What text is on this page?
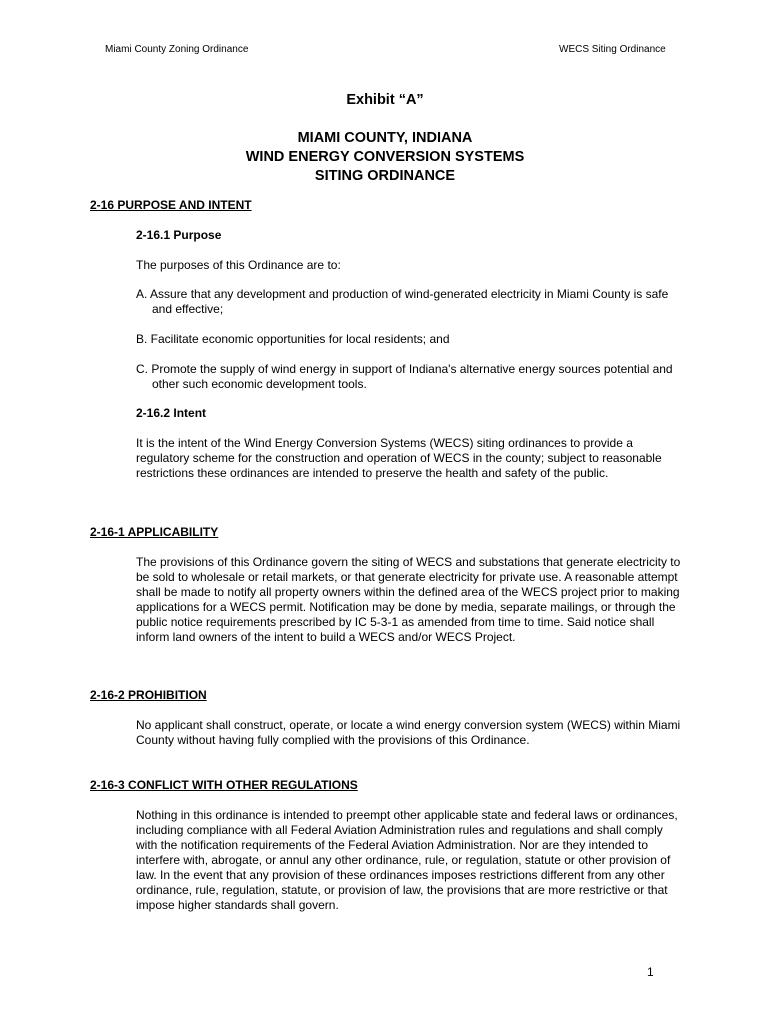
Miami County Zoning Ordinance	WECS Siting Ordinance
Exhibit “A”
MIAMI COUNTY, INDIANA
WIND ENERGY CONVERSION SYSTEMS
SITING ORDINANCE
2-16 PURPOSE AND INTENT
2-16.1 Purpose
The purposes of this Ordinance are to:
A. Assure that any development and production of wind-generated electricity in Miami County is safe and effective;
B. Facilitate economic opportunities for local residents; and
C. Promote the supply of wind energy in support of Indiana's alternative energy sources potential and other such economic development tools.
2-16.2 Intent
It is the intent of the Wind Energy Conversion Systems (WECS) siting ordinances to provide a regulatory scheme for the construction and operation of WECS in the county; subject to reasonable restrictions these ordinances are intended to preserve the health and safety of the public.
2-16-1 APPLICABILITY
The provisions of this Ordinance govern the siting of WECS and substations that generate electricity to be sold to wholesale or retail markets, or that generate electricity for private use. A reasonable attempt shall be made to notify all property owners within the defined area of the WECS project prior to making applications for a WECS permit. Notification may be done by media, separate mailings, or through the public notice requirements prescribed by IC 5-3-1 as amended from time to time. Said notice shall inform land owners of the intent to build a WECS and/or WECS Project.
2-16-2 PROHIBITION
No applicant shall construct, operate, or locate a wind energy conversion system (WECS) within Miami County without having fully complied with the provisions of this Ordinance.
2-16-3 CONFLICT WITH OTHER REGULATIONS
Nothing in this ordinance is intended to preempt other applicable state and federal laws or ordinances, including compliance with all Federal Aviation Administration rules and regulations and shall comply with the notification requirements of the Federal Aviation Administration. Nor are they intended to interfere with, abrogate, or annul any other ordinance, rule, or regulation, statute or other provision of law. In the event that any provision of these ordinances imposes restrictions different from any other ordinance, rule, regulation, statute, or provision of law, the provisions that are more restrictive or that impose higher standards shall govern.
1
